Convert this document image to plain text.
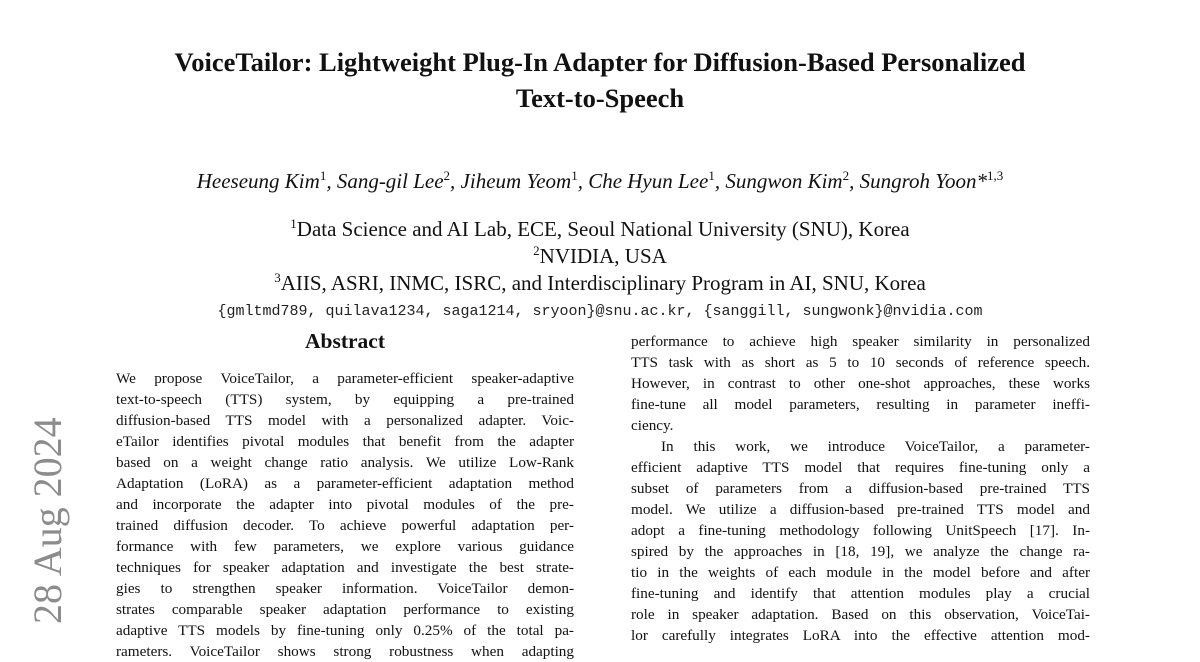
VoiceTailor: Lightweight Plug-In Adapter for Diffusion-Based Personalized
Text-to-Speech
Heeseung Kim$^1$, Sang-gil Lee$^2$, Jiheum Yeom$^1$, Che Hyun Lee$^1$, Sungwon Kim$^2$, Sungroh Yoon*$^{1,3}$
$^1$Data Science and AI Lab, ECE, Seoul National University (SNU), Korea
$^2$NVIDIA, USA
$^3$AIIS, ASRI, INMC, ISRC, and Interdisciplinary Program in AI, SNU, Korea
{gmltmd789, quilava1234, saga1214, sryoon}@snu.ac.kr, {sanggill, sungwonk}@nvidia.com
Abstract
We propose VoiceTailor, a parameter-efficient speaker-adaptive
text-to-speech (TTS) system, by equipping a pre-trained
diffusion-based TTS model with a personalized adapter. Voic-
eTailor identifies pivotal modules that benefit from the adapter
based on a weight change ratio analysis. We utilize Low-Rank
Adaptation (LoRA) as a parameter-efficient adaptation method
and incorporate the adapter into pivotal modules of the pre-
trained diffusion decoder. To achieve powerful adaptation per-
formance with few parameters, we explore various guidance
techniques for speaker adaptation and investigate the best strate-
gies to strengthen speaker information. VoiceTailor demon-
strates comparable speaker adaptation performance to existing
adaptive TTS models by fine-tuning only 0.25% of the total pa-
rameters. VoiceTailor shows strong robustness when adapting
performance to achieve high speaker similarity in personalized
TTS task with as short as 5 to 10 seconds of reference speech.
However, in contrast to other one-shot approaches, these works
fine-tune all model parameters, resulting in parameter ineffi-
ciency.
In this work, we introduce VoiceTailor, a parameter-
efficient adaptive TTS model that requires fine-tuning only a
subset of parameters from a diffusion-based pre-trained TTS
model. We utilize a diffusion-based pre-trained TTS model and
adopt a fine-tuning methodology following UnitSpeech [17]. In-
spired by the approaches in [18, 19], we analyze the change ra-
tio in the weights of each module in the model before and after
fine-tuning and identify that attention modules play a crucial
role in speaker adaptation. Based on this observation, VoiceTai-
lor carefully integrates LoRA into the effective attention mod-
28 Aug 2024
